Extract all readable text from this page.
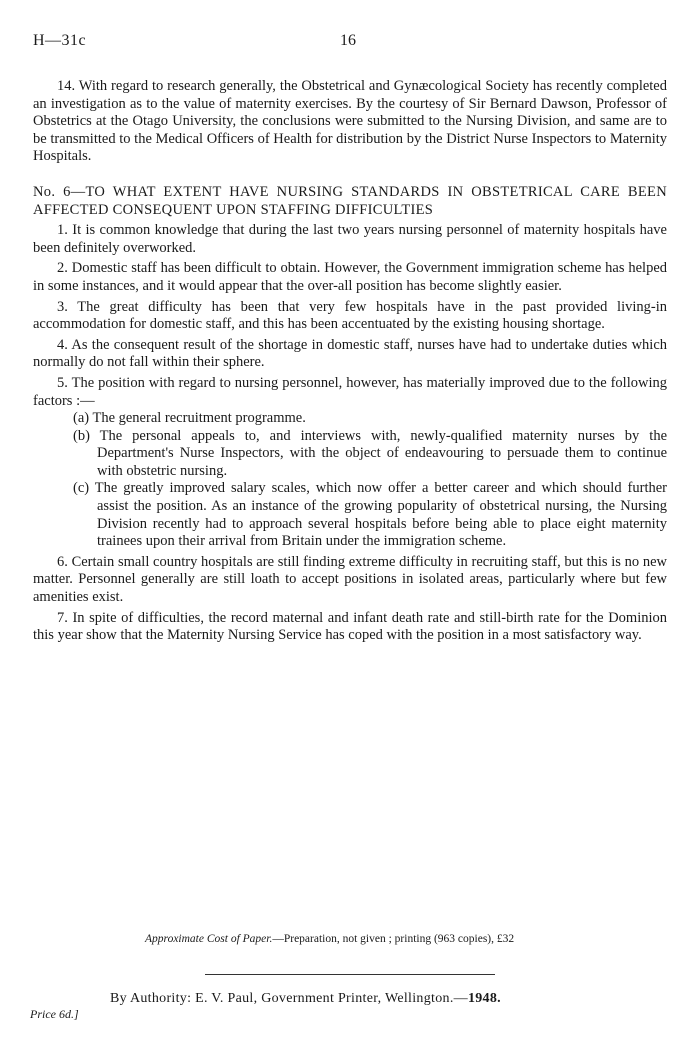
H—31c	16

14. With regard to research generally, the Obstetrical and Gynæcological Society has recently completed an investigation as to the value of maternity exercises. By the courtesy of Sir Bernard Dawson, Professor of Obstetrics at the Otago University, the conclusions were submitted to the Nursing Division, and same are to be transmitted to the Medical Officers of Health for distribution by the District Nurse Inspectors to Maternity Hospitals.

No. 6—TO WHAT EXTENT HAVE NURSING STANDARDS IN OBSTETRICAL CARE BEEN AFFECTED CONSEQUENT UPON STAFFING DIFFICULTIES

1. It is common knowledge that during the last two years nursing personnel of maternity hospitals have been definitely overworked.

2. Domestic staff has been difficult to obtain. However, the Government immigration scheme has helped in some instances, and it would appear that the over-all position has become slightly easier.

3. The great difficulty has been that very few hospitals have in the past provided living-in accommodation for domestic staff, and this has been accentuated by the existing housing shortage.

4. As the consequent result of the shortage in domestic staff, nurses have had to undertake duties which normally do not fall within their sphere.

5. The position with regard to nursing personnel, however, has materially improved due to the following factors :—

(a) The general recruitment programme.

(b) The personal appeals to, and interviews with, newly-qualified maternity nurses by the Department's Nurse Inspectors, with the object of endeavouring to persuade them to continue with obstetric nursing.

(c) The greatly improved salary scales, which now offer a better career and which should further assist the position. As an instance of the growing popularity of obstetrical nursing, the Nursing Division recently had to approach several hospitals before being able to place eight maternity trainees upon their arrival from Britain under the immigration scheme.

6. Certain small country hospitals are still finding extreme difficulty in recruiting staff, but this is no new matter. Personnel generally are still loath to accept positions in isolated areas, particularly where but few amenities exist.

7. In spite of difficulties, the record maternal and infant death rate and still-birth rate for the Dominion this year show that the Maternity Nursing Service has coped with the position in a most satisfactory way.

Approximate Cost of Paper.—Preparation, not given ; printing (963 copies), £32
By Authority: E. V. Paul, Government Printer, Wellington.—1948.
Price 6d.]
